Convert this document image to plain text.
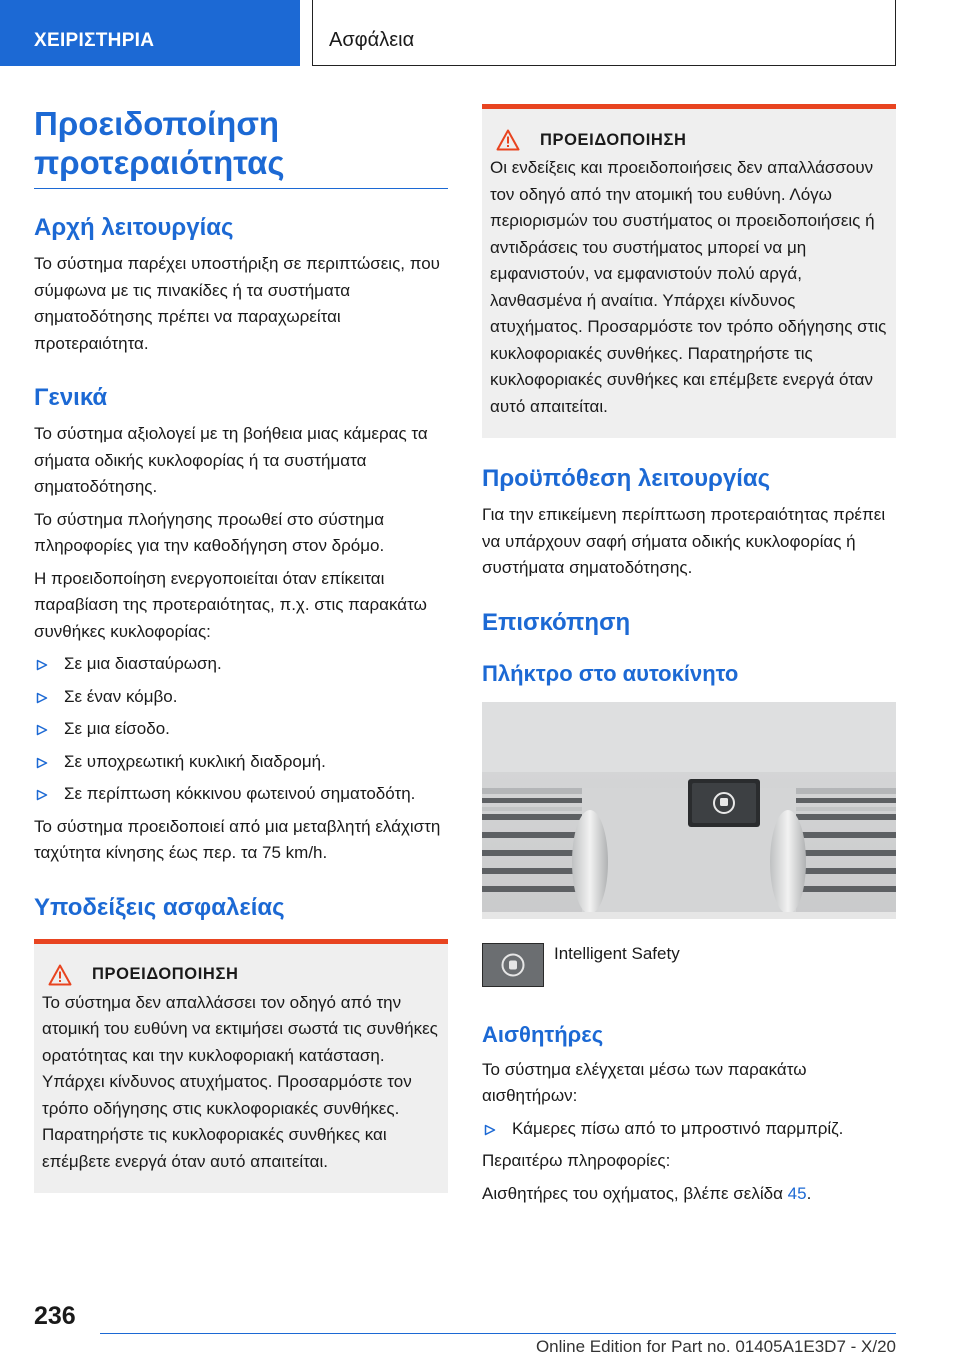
ΧΕΙΡΙΣΤΗΡΙΑ	Ασφάλεια
Προειδοποίηση προτεραιότητας
Αρχή λειτουργίας
Το σύστημα παρέχει υποστήριξη σε περιπτώσεις, που σύμφωνα με τις πινακίδες ή τα συστήματα σηματοδότησης πρέπει να παραχωρείται προτεραιότητα.
Γενικά
Το σύστημα αξιολογεί με τη βοήθεια μιας κάμερας τα σήματα οδικής κυκλοφορίας ή τα συστήματα σηματοδότησης.
Το σύστημα πλοήγησης προωθεί στο σύστημα πληροφορίες για την καθοδήγηση στον δρόμο.
Η προειδοποίηση ενεργοποιείται όταν επίκειται παραβίαση της προτεραιότητας, π.χ. στις παρακάτω συνθήκες κυκλοφορίας:
Σε μια διασταύρωση.
Σε έναν κόμβο.
Σε μια είσοδο.
Σε υποχρεωτική κυκλική διαδρομή.
Σε περίπτωση κόκκινου φωτεινού σηματοδότη.
Το σύστημα προειδοποιεί από μια μεταβλητή ελάχιστη ταχύτητα κίνησης έως περ. τα 75 km/h.
Υποδείξεις ασφαλείας
ΠΡΟΕΙΔΟΠΟΙΗΣΗ
Το σύστημα δεν απαλλάσσει τον οδηγό από την ατομική του ευθύνη να εκτιμήσει σωστά τις συνθήκες ορατότητας και την κυκλοφοριακή κατάσταση. Υπάρχει κίνδυνος ατυχήματος. Προσαρμόστε τον τρόπο οδήγησης στις κυκλοφοριακές συνθήκες. Παρατηρήστε τις κυκλοφοριακές συνθήκες και επέμβετε ενεργά όταν αυτό απαιτείται.
ΠΡΟΕΙΔΟΠΟΙΗΣΗ
Οι ενδείξεις και προειδοποιήσεις δεν απαλλάσσουν τον οδηγό από την ατομική του ευθύνη. Λόγω περιορισμών του συστήματος οι προειδοποιήσεις ή αντιδράσεις του συστήματος μπορεί να μη εμφανιστούν, να εμφανιστούν πολύ αργά, λανθασμένα ή αναίτια. Υπάρχει κίνδυνος ατυχήματος. Προσαρμόστε τον τρόπο οδήγησης στις κυκλοφοριακές συνθήκες. Παρατηρήστε τις κυκλοφοριακές συνθήκες και επέμβετε ενεργά όταν αυτό απαιτείται.
Προϋπόθεση λειτουργίας
Για την επικείμενη περίπτωση προτεραιότητας πρέπει να υπάρχουν σαφή σήματα οδικής κυκλοφορίας ή συστήματα σηματοδότησης.
Επισκόπηση
Πλήκτρο στο αυτοκίνητο
Intelligent Safety
Αισθητήρες
Το σύστημα ελέγχεται μέσω των παρακάτω αισθητήρων:
Κάμερες πίσω από το μπροστινό παρμπρίζ.
Περαιτέρω πληροφορίες:
Αισθητήρες του οχήματος, βλέπε σελίδα 45.
236
Online Edition for Part no. 01405A1E3D7 - X/20
